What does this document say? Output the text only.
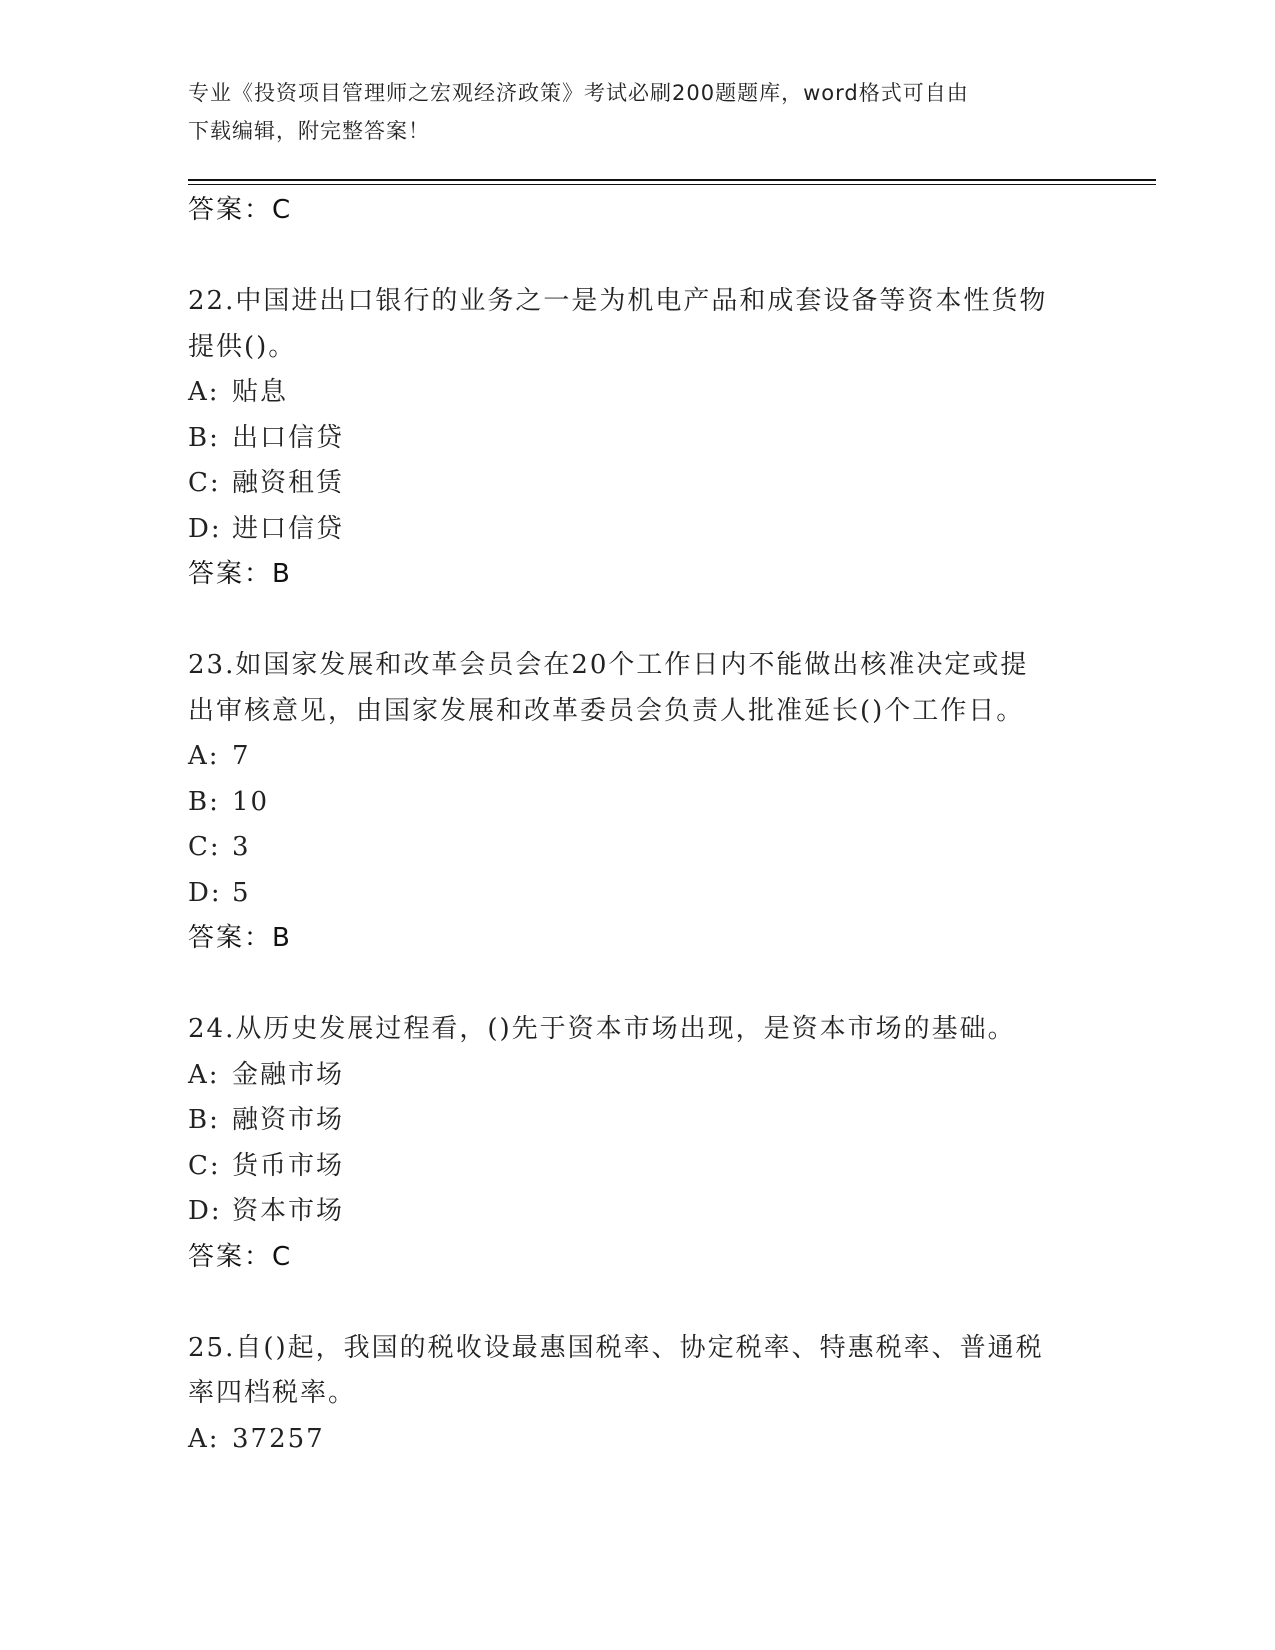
专业《投资项目管理师之宏观经济政策》考试必刷200题题库，word格式可自由
下载编辑，附完整答案！
答案：C
22.中国进出口银行的业务之一是为机电产品和成套设备等资本性货物
提供()。
A: 贴息
B: 出口信贷
C: 融资租赁
D: 进口信贷
答案：B
23.如国家发展和改革会员会在20个工作日内不能做出核准决定或提
出审核意见，由国家发展和改革委员会负责人批准延长()个工作日。
A: 7
B: 10
C: 3
D: 5
答案：B
24.从历史发展过程看，()先于资本市场出现，是资本市场的基础。
A: 金融市场
B: 融资市场
C: 货币市场
D: 资本市场
答案：C
25.自()起，我国的税收设最惠国税率、协定税率、特惠税率、普通税
率四档税率。
A: 37257
